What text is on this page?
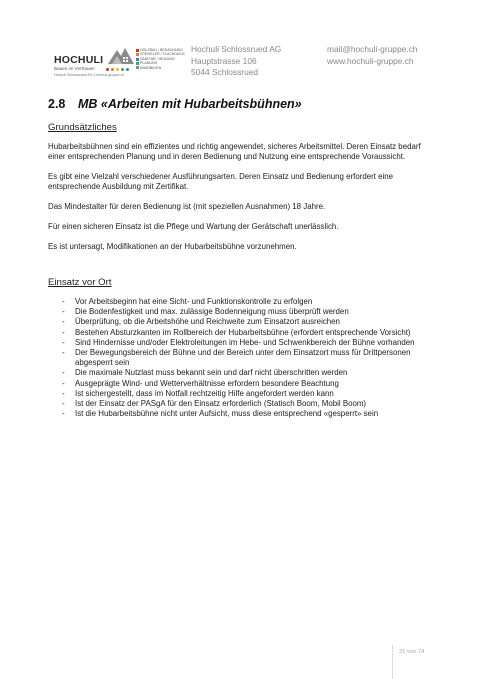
HOCHULI
Bauen im Vertrauen
Hochuli Schlossrued AG | hochuli-gruppe.ch
HOLZBAU / BEDACHUNG
SPENGLER / FLACHDACH
SANITÄR / HEIZUNG
PLANUNG
IMMOBILIEN
Hochuli Schlossrued AG
Hauptstrasse 106
5044 Schlossrued
mail@hochuli-gruppe.ch
www.hochuli-gruppe.ch
2.8 MB «Arbeiten mit Hubarbeitsbühnen»
Grundsätzliches

Hubarbeitsbühnen sind ein effizientes und richtig angewendet, sicheres Arbeitsmittel. Deren Einsatz bedarf einer entsprechenden Planung und in deren Bedienung und Nutzung eine entsprechende Voraussicht.

Es gibt eine Vielzahl verschiedener Ausführungsarten. Deren Einsatz und Bedienung erfordert eine entsprechende Ausbildung mit Zertifikat.

Das Mindestalter für deren Bedienung ist (mit speziellen Ausnahmen) 18 Jahre.

Für einen sicheren Einsatz ist die Pflege und Wartung der Gerätschaft unerlässlich.

Es ist untersagt, Modifikationen an der Hubarbeitsbühne vorzunehmen.

Einsatz vor Ort
- Vor Arbeitsbeginn hat eine Sicht- und Funktionskontrolle zu erfolgen
- Die Bodenfestigkeit und max. zulässige Bodenneigung muss überprüft werden
- Überprüfung, ob die Arbeitshöhe und Reichweite zum Einsatzort ausreichen
- Bestehen Absturzkanten im Rollbereich der Hubarbeitsbühne (erfordert entsprechende Vorsicht)
- Sind Hindernisse und/oder Elektroleitungen im Hebe- und Schwenkbereich der Bühne vorhanden
- Der Bewegungsbereich der Bühne und der Bereich unter dem Einsatzort muss für Drittpersonen abgesperrt sein
- Die maximale Nutzlast muss bekannt sein und darf nicht überschritten werden
- Ausgeprägte Wind- und Wetterverhältnisse erfordern besondere Beachtung
- Ist sichergestellt, dass im Notfall rechtzeitig Hilfe angefordert werden kann
- Ist der Einsatz der PASgA für den Einsatz erforderlich (Statisch Boom, Mobil Boom)
- Ist die Hubarbeitsbühne nicht unter Aufsicht, muss diese entsprechend «gesperrt» sein
31 von 74
